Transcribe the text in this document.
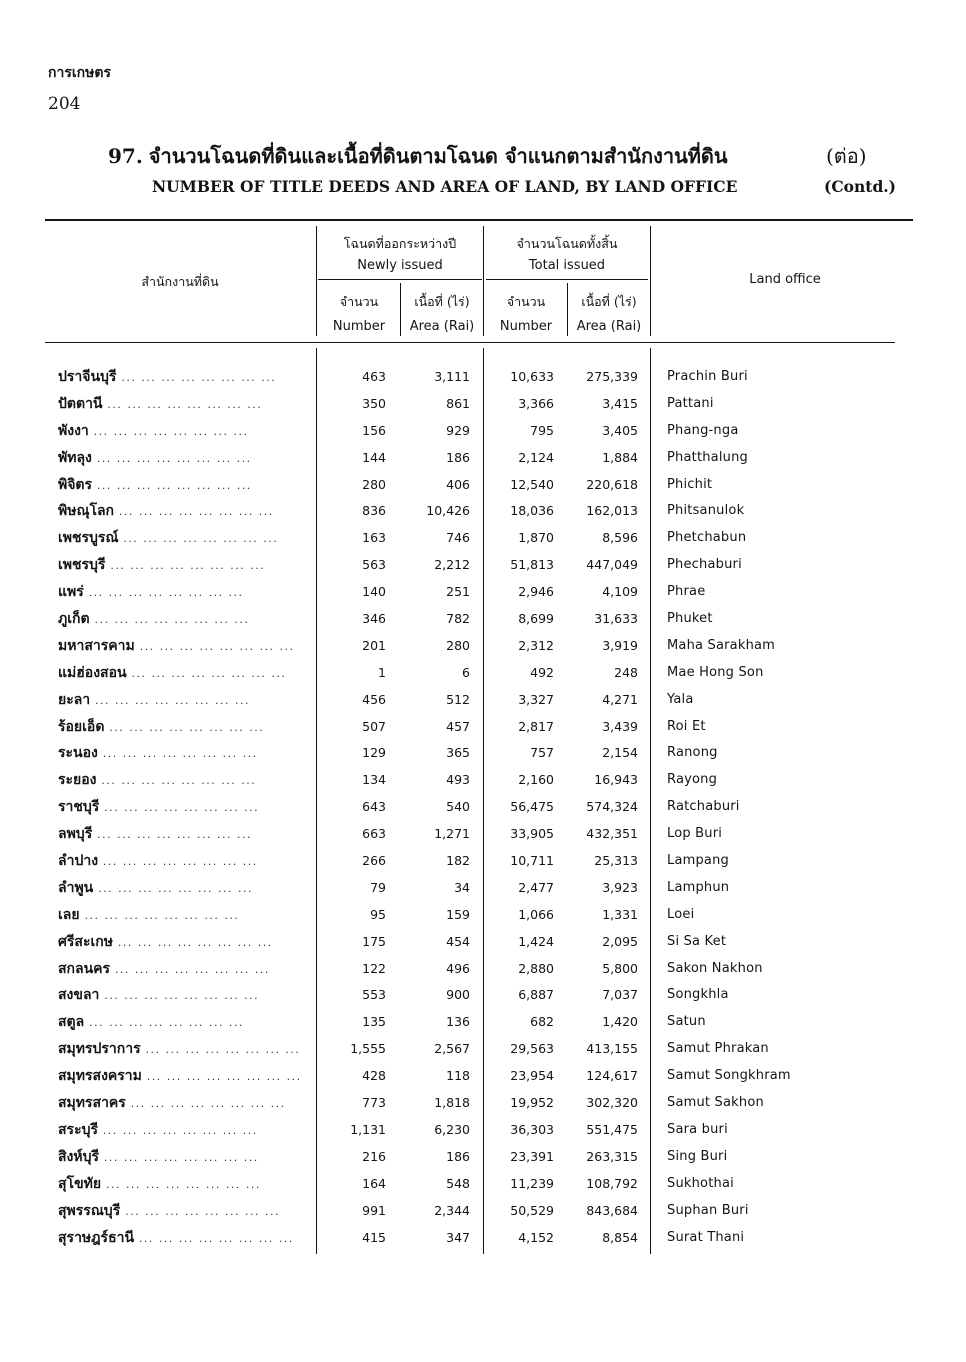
การเกษตร
204
97. จำนวนโฉนดที่ดินและเนื้อที่ดินตามโฉนด จำแนกตามสำนักงานที่ดิน	(ต่อ)
NUMBER OF TITLE DEEDS AND AREA OF LAND, BY LAND OFFICE	(Contd.)
สำนักงานที่ดิน
โฉนดที่ออกระหว่างปี
Newly issued
จำนวนโฉนดทั้งสิ้น
Total issued
จำนวน
Number
เนื้อที่ (ไร่)
Area (Rai)
จำนวน
Number
เนื้อที่ (ไร่)
Area (Rai)
Land office
ปราจีนบุรี ... ... ... ... ... ... ... ...	463	3,111	10,633	275,339 Prachin Buri
ปัตตานี ... ... ... ... ... ... ... ...	350	861	3,366	3,415 Pattani
พังงา ... ... ... ... ... ... ... ...	156	929	795	3,405 Phang-nga
พัทลุง ... ... ... ... ... ... ... ...	144	186	2,124	1,884 Phatthalung
พิจิตร ... ... ... ... ... ... ... ...	280	406	12,540	220,618 Phichit
พิษณุโลก ... ... ... ... ... ... ... ...	836	10,426	18,036	162,013 Phitsanulok
เพชรบูรณ์ ... ... ... ... ... ... ... ...	163	746	1,870	8,596 Phetchabun
เพชรบุรี ... ... ... ... ... ... ... ...	563	2,212	51,813	447,049 Phechaburi
แพร่ ... ... ... ... ... ... ... ...	140	251	2,946	4,109 Phrae
ภูเก็ต ... ... ... ... ... ... ... ...	346	782	8,699	31,633 Phuket
มหาสารคาม ... ... ... ... ... ... ... ...	201	280	2,312	3,919 Maha Sarakham
แม่ฮ่องสอน ... ... ... ... ... ... ... ...	1	6	492	248 Mae Hong Son
ยะลา ... ... ... ... ... ... ... ...	456	512	3,327	4,271 Yala
ร้อยเอ็ด ... ... ... ... ... ... ... ...	507	457	2,817	3,439 Roi Et
ระนอง ... ... ... ... ... ... ... ...	129	365	757	2,154 Ranong
ระยอง ... ... ... ... ... ... ... ...	134	493	2,160	16,943 Rayong
ราชบุรี ... ... ... ... ... ... ... ...	643	540	56,475	574,324 Ratchaburi
ลพบุรี ... ... ... ... ... ... ... ...	663	1,271	33,905	432,351 Lop Buri
ลำปาง ... ... ... ... ... ... ... ...	266	182	10,711	25,313 Lampang
ลำพูน ... ... ... ... ... ... ... ...	79	34	2,477	3,923 Lamphun
เลย ... ... ... ... ... ... ... ...	95	159	1,066	1,331 Loei
ศรีสะเกษ ... ... ... ... ... ... ... ...	175	454	1,424	2,095 Si Sa Ket
สกลนคร ... ... ... ... ... ... ... ...	122	496	2,880	5,800 Sakon Nakhon
สงขลา ... ... ... ... ... ... ... ...	553	900	6,887	7,037 Songkhla
สตูล ... ... ... ... ... ... ... ...	135	136	682	1,420 Satun
สมุทรปราการ ... ... ... ... ... ... ... ...	1,555	2,567	29,563	413,155 Samut Phrakan
สมุทรสงคราม ... ... ... ... ... ... ... ...	428	118	23,954	124,617 Samut Songkhram
สมุทรสาคร ... ... ... ... ... ... ... ...	773	1,818	19,952	302,320 Samut Sakhon
สระบุรี ... ... ... ... ... ... ... ...	1,131	6,230	36,303	551,475 Sara buri
สิงห์บุรี ... ... ... ... ... ... ... ...	216	186	23,391	263,315 Sing Buri
สุโขทัย ... ... ... ... ... ... ... ...	164	548	11,239	108,792 Sukhothai
สุพรรณบุรี ... ... ... ... ... ... ... ...	991	2,344	50,529	843,684 Suphan Buri
สุราษฎร์ธานี ... ... ... ... ... ... ... ...	415	347	4,152	8,854 Surat Thani
